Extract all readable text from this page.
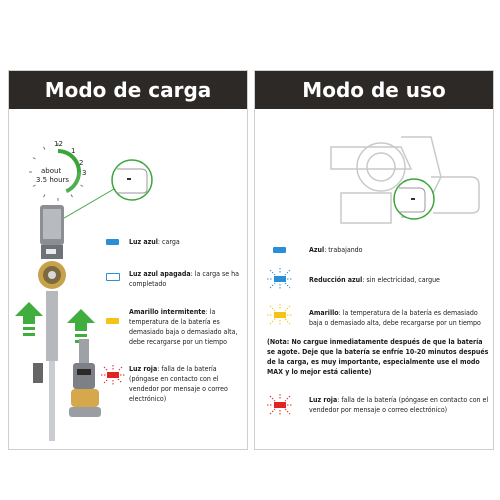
Modo de carga
12
1
2
3
about
3.5 hours
Luz azul: carga
Luz azul apagada: la carga se ha completado
Amarillo intermitente: la temperatura de la batería es demasiado baja o demasiado alta, debe recargarse por un tiempo
Luz roja: falla de la batería (póngase en contacto con el vendedor por mensaje o correo electrónico)
Modo de uso
Azul: trabajando
Reducción azul: sin electricidad, cargue
Amarillo: la temperatura de la batería es demasiado baja o demasiado alta, debe recargarse por un tiempo
(Nota: No cargue inmediatamente después de que la batería se agote. Deje que la batería se enfríe 10-20 minutos después de la carga, es muy importante, especialmente use el modo MAX y lo mejor está caliente)
Luz roja: falla de la batería (póngase en contacto con el vendedor por mensaje o correo electrónico)
